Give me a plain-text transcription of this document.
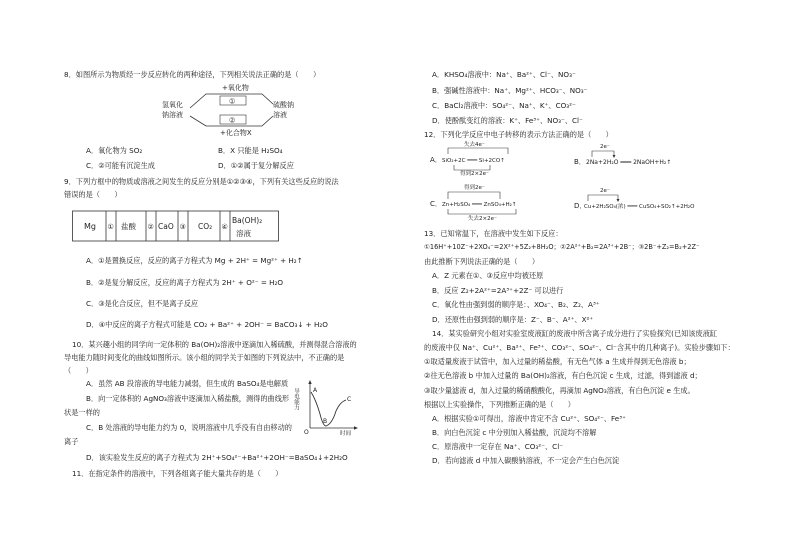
8．如图所示为物质经一步反应转化的两种途径，下列相关说法正确的是（　　）
氢氧化
钠溶液
+氧化物
+化合物X
硫酸钠
溶液
①
②
A．氧化物为 SO₂	B．X 只能是 H₂SO₄
C．②可能有沉淀生成	D．①②属于复分解反应
9．下列方框中的物质或溶液之间发生的反应分别是①②③④，下列有关这些反应的说法
错误的是（　　）
Mg ① 盐酸 ② CaO ③ CO₂ ④
Ba(OH)₂
溶液
A．①是置换反应，反应的离子方程式为 Mg + 2H⁺ = Mg²⁺ + H₂↑
B．②是复分解反应，反应的离子方程式为 2H⁺ + O²⁻ = H₂O
C．③是化合反应，但不是离子反应
D．④中反应的离子方程式可能是 CO₂ + Ba²⁺ + 2OH⁻ = BaCO₃↓ + H₂O
10．某兴趣小组的同学向一定体积的 Ba(OH)₂溶液中逐滴加入稀硫酸，并测得混合溶液的
导电能力随时间变化的曲线如图所示。该小组的同学关于如图的下列说法中，不正确的是
（　　）
A．虽然 AB 段溶液的导电能力减弱，但生成的 BaSO₄是电解质
B．向一定体积的 AgNO₃溶液中逐滴加入稀盐酸，测得的曲线形
状是一样的
C．B 处溶液的导电能力约为 0，说明溶液中几乎没有自由移动的
离子
D．该实验发生反应的离子方程式为 2H⁺+SO₄²⁻+Ba²⁺+2OH⁻=BaSO₄↓+2H₂O
导电能力
O	时间
A
B
C
11．在指定条件的溶液中，下列各组离子能大量共存的是（　　）
A．KHSO₄溶液中：Na⁺、Ba²⁺、Cl⁻、NO₃⁻
B．强碱性溶液中：Na⁺、Mg²⁺、HCO₃⁻、NO₃⁻
C．BaCl₂溶液中：SO₄²⁻、Na⁺、K⁺、CO₃²⁻
D．使酚酞变红的溶液：K⁺、Fe³⁺、NO₃⁻、Cl⁻
12．下列化学反应中电子转移的表示方法正确的是（　　）
A．
失去4e⁻
SiO₂+2C ═══ Si+2CO↑
得到2×2e⁻
B．
2e⁻
2Na+2H₂O ═══ 2NaOH+H₂↑
C．
得到2e⁻
Zn+H₂SO₄ ═══ ZnSO₄+H₂↑
失去2×2e⁻
D．
2e⁻
Cu+2H₂SO₄(浓) ═══ CuSO₄+SO₂↑+2H₂O
13．已知常温下，在溶液中发生如下反应：
①16H⁺+10Z⁻+2XO₄⁻=2X²⁺+5Z₂+8H₂O；②2A²⁺+B₂=2A³⁺+2B⁻；③2B⁻+Z₂=B₂+2Z⁻
由此推断下列说法正确的是（　　）
A．Z 元素在①、③反应中均被还原
B．反应 Z₂+2A²⁺=2A³⁺+2Z⁻ 可以进行
C．氧化性由强到弱的顺序是：、XO₄⁻、B₂、Z₂、A³⁺
D．还原性由强到弱的顺序是：Z⁻、B⁻、A²⁺、X²⁺
14．某实验研究小组对实验室废液缸的废液中所含离子成分进行了实验探究(已知该废液缸
的废液中仅 Na⁺、Cu²⁺、Ba²⁺、Fe³⁺、CO₃²⁻、SO₄²⁻、Cl⁻含其中的几种离子)。实验步骤如下：
①取适量废液于试管中，加入过量的稀盐酸，有无色气体 a 生成并得到无色溶液 b；
②往无色溶液 b 中加入过量的 Ba(OH)₂溶液，有白色沉淀 c 生成，过滤，得到滤液 d；
③取少量滤液 d，加入过量的稀硝酸酸化，再滴加 AgNO₃溶液，有白色沉淀 e 生成。
根据以上实验操作，下列推断正确的是（　　）
A．根据实验①可得出，溶液中肯定不含 Cu²⁺、SO₄²⁻、Fe³⁺
B．向白色沉淀 c 中分别加入稀盐酸，沉淀均不溶解
C．原溶液中一定存在 Na⁺、CO₃²⁻、Cl⁻
D．若向滤液 d 中加入碳酸钠溶液，不一定会产生白色沉淀
